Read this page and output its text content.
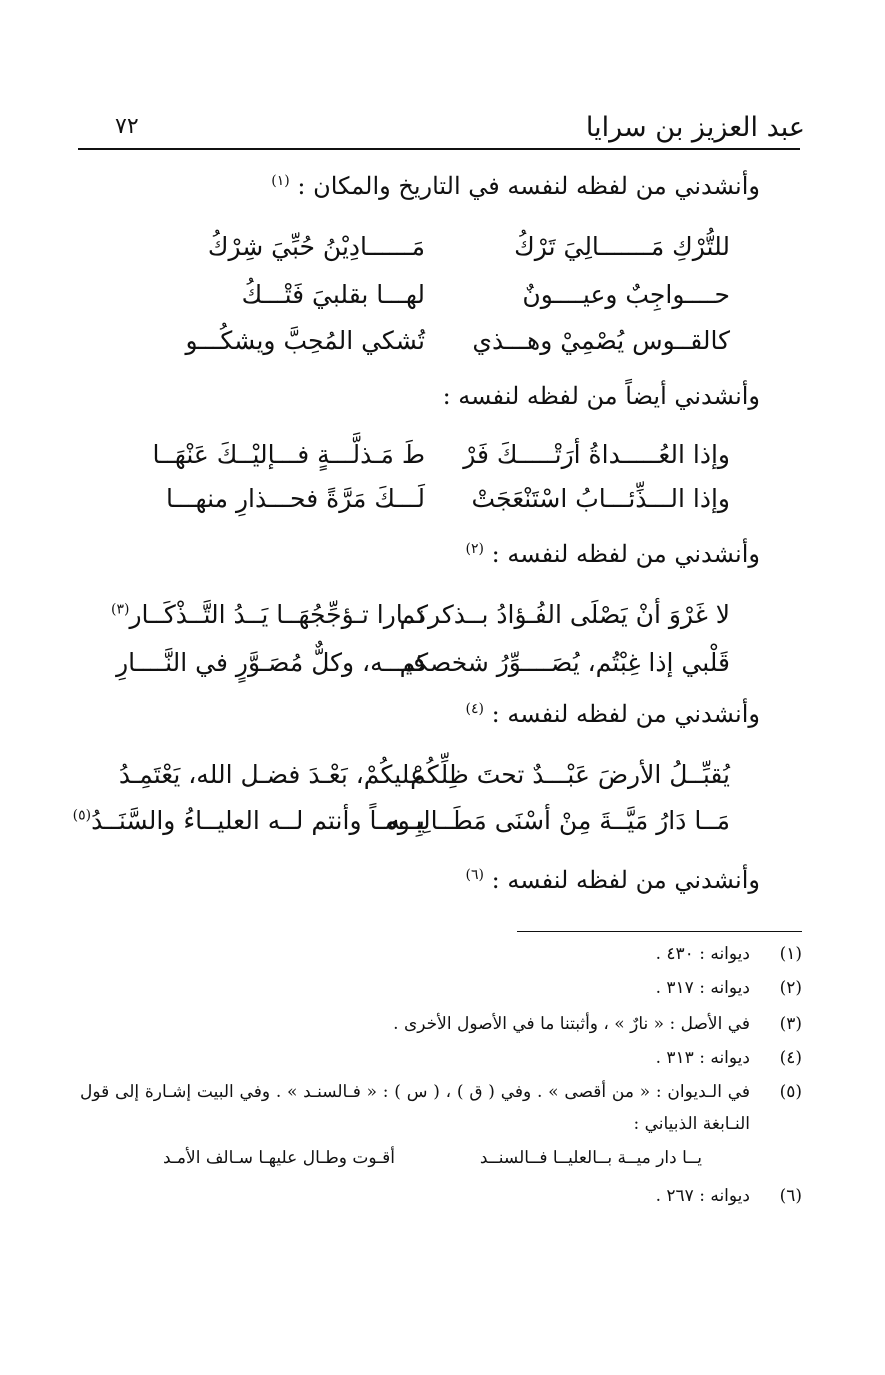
عبد العزيز بن سرايا
٧٢
وأنشدني من لفظه لنفسه في التاريخ والمكان : $^{(١)}$
للتُّرْكِ مَـــــــالِيَ تَرْكُ
مَــــــادِيْنُ حُبِّيَ شِرْكُ
حــــواجِبٌ وعيــــونٌ
لهـــا بقلبيَ فَتْـــكُ
كالقــوس يُصْمِيْ وهـــذي
تُشكي المُحِبَّ ويشكُـــو
وأنشدني أيضاً من لفظه لنفسه :
وإذا العُـــــداةُ أرَتْـــــكَ فَرْ
طَ مَـذلَّـــةٍ فـــإليْــكَ عَنْهَــا
وإذا الـــذِّئـــابُ اسْتَنْعَجَتْ
لَـــكَ مَرَّةً فحـــذارِ منهـــا
وأنشدني من لفظه لنفسه : $^{(٢)}$
لا غَرْوَ أنْ يَصْلَى الفُـؤادُ بــذكركم
نــارا تـؤجِّجُهَــا يَــدُ التَّــذْكَــار$^{(٣)}$
قَلْبي إذا غِبْتُم، يُصَــــوِّرُ شخصكم
فيـــه، وكلٌّ مُصَـوَّرٍ في النَّــــارِ
وأنشدني من لفظه لنفسه : $^{(٤)}$
يُقبِّــلُ الأرضَ عَبْـــدٌ تحتَ ظِلِّكُمْ
عليكُمْ، بَعْـدَ فضـل الله، يَعْتَمِـدُ
مَــا دَارُ مَيَّــةَ مِنْ أسْنَى مَطَــالِبِــه
يـومـاً وأنتم لــه العليــاءُ والسَّنَــدُ$^{(٥)}$
وأنشدني من لفظه لنفسه : $^{(٦)}$
(١)
ديوانه : ٤٣٠ .
(٢)
ديوانه : ٣١٧ .
(٣)
في الأصل : « نارٌ » ، وأثبتنا ما في الأصول الأخرى .
(٤)
ديوانه : ٣١٣ .
(٥)
في الـديوان : « من أقصى » . وفي ( ق ) ، ( س ) : « فـالسنـد » . وفي البيت إشـارة إلى قول النـابغة الذبياني :
يــا دار ميــة بــالعليــا فــالسنــد
أقـوت وطـال عليهـا سـالف الأمـد
(٦)
ديوانه : ٢٦٧ .
